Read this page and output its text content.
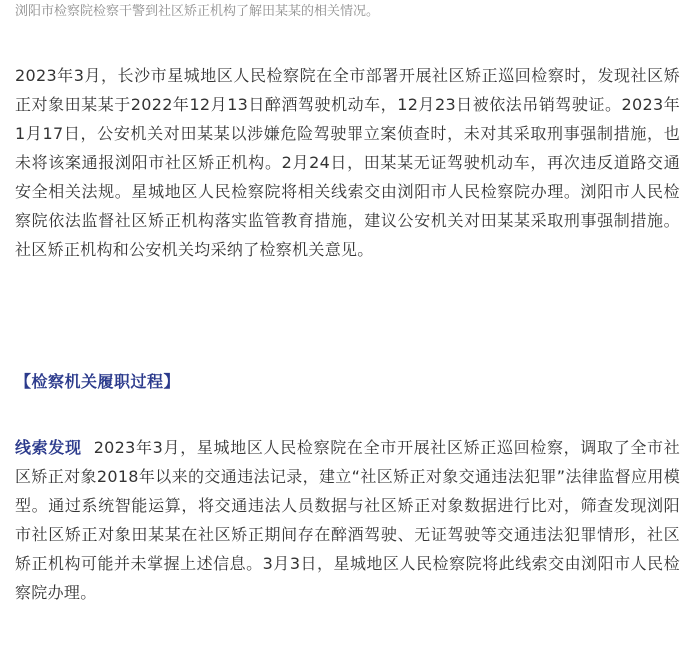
浏阳市检察院检察干警到社区矫正机构了解田某某的相关情况。

2023年3月，长沙市星城地区人民检察院在全市部署开展社区矫正巡回检察时，发现社区矫正对象田某某于2022年12月13日醉酒驾驶机动车，12月23日被依法吊销驾驶证。2023年1月17日，公安机关对田某某以涉嫌危险驾驶罪立案侦查时，未对其采取刑事强制措施，也未将该案通报浏阳市社区矫正机构。2月24日，田某某无证驾驶机动车，再次违反道路交通安全相关法规。星城地区人民检察院将相关线索交由浏阳市人民检察院办理。浏阳市人民检察院依法监督社区矫正机构落实监管教育措施，建议公安机关对田某某采取刑事强制措施。社区矫正机构和公安机关均采纳了检察机关意见。

【检察机关履职过程】

线索发现 2023年3月，星城地区人民检察院在全市开展社区矫正巡回检察，调取了全市社区矫正对象2018年以来的交通违法记录，建立“社区矫正对象交通违法犯罪”法律监督应用模型。通过系统智能运算，将交通违法人员数据与社区矫正对象数据进行比对，筛查发现浏阳市社区矫正对象田某某在社区矫正期间存在醉酒驾驶、无证驾驶等交通违法犯罪情形，社区矫正机构可能并未掌握上述信息。3月3日，星城地区人民检察院将此线索交由浏阳市人民检察院办理。
